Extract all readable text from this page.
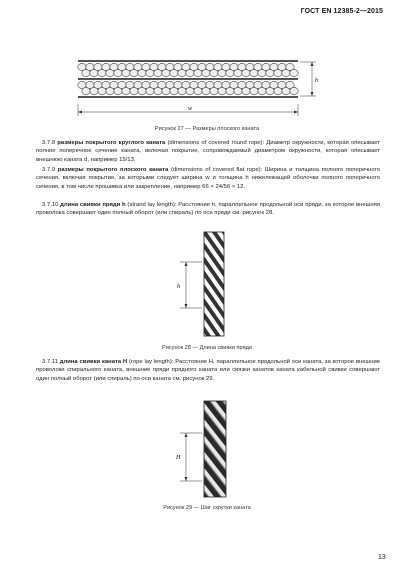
ГОСТ EN 12385-2—2015
w
h
Рисунок 27 — Размеры плоского каната
3.7.8 размеры покрытого круглого каната (dimensions of covered round rope): Диаметр окружности, которая описывает полное поперечное сечение каната, включая покрытие, сопровождаемый диаметром окружности, которая описывает внешнюю каната d, например 15/13.
3.7.9 размеры покрытого плоского каната (dimensions of covered flat rope): Ширина и толщина полного поперечного сечения, включая покрытие, за которыми следует ширина w и толщина h нижележащей оболочки полного поперечного сечения, в том числе прошивка или закрепление, например 66 × 24/56 × 12.
3.7.10 длина свивки пряди h (strand lay length): Расстояние h, параллельное продольной оси пряди, за которое внешняя проволока совершает один полный оборот (или спираль) по оси пряди см. рисунок 28.
h
Рисунок 28 — Длина свивки пряди
3.7.11 длина свивки каната H (rope lay length): Расстояние H, параллельное продольной оси каната, за которое внешние проволоки спирального каната, внешние пряди прядного каната или связки канатов каната кабельной свивки совершают один полный оборот (или спираль) по оси каната см. рисунок 29.
H
Рисунок 29 — Шаг скрутки каната
13
